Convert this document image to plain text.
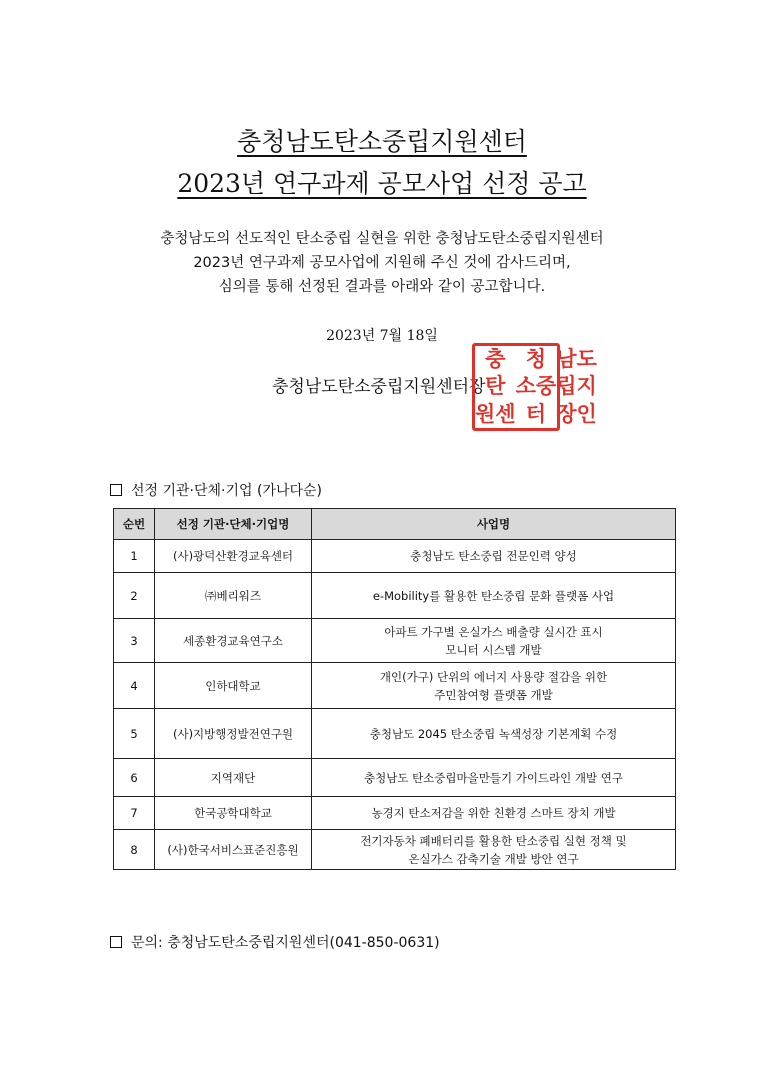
충청남도탄소중립지원센터
2023년 연구과제 공모사업 선정 공고
충청남도의 선도적인 탄소중립 실현을 위한 충청남도탄소중립지원센터
2023년 연구과제 공모사업에 지원해 주신 것에 감사드리며,
심의를 통해 선정된 결과를 아래와 같이 공고합니다.
2023년 7월 18일
충청남도탄소중립지원센터장
충 청 남 도
탄 소 중 립 지
원 센 터 장 인
선정 기관·단체·기업 (가나다순)
순번	선정 기관·단체·기업명	사업명
1	(사)광덕산환경교육센터	충청남도 탄소중립 전문인력 양성

2	㈜베리워즈	e-Mobility를 활용한 탄소중립 문화 플랫폼 사업

3	세종환경교육연구소	아파트 가구별 온실가스 배출량 실시간 표시
모니터 시스템 개발

4	인하대학교	개인(가구) 단위의 에너지 사용량 절감을 위한
주민참여형 플랫폼 개발

5	(사)지방행정발전연구원	충청남도 2045 탄소중립 녹색성장 기본계획 수정

6	지역재단	충청남도 탄소중립마을만들기 가이드라인 개발 연구

7	한국공학대학교	농경지 탄소저감을 위한 친환경 스마트 장치 개발

8	(사)한국서비스표준진흥원	전기자동차 폐배터리를 활용한 탄소중립 실현 정책 및
온실가스 감축기술 개발 방안 연구
문의: 충청남도탄소중립지원센터(041-850-0631)
